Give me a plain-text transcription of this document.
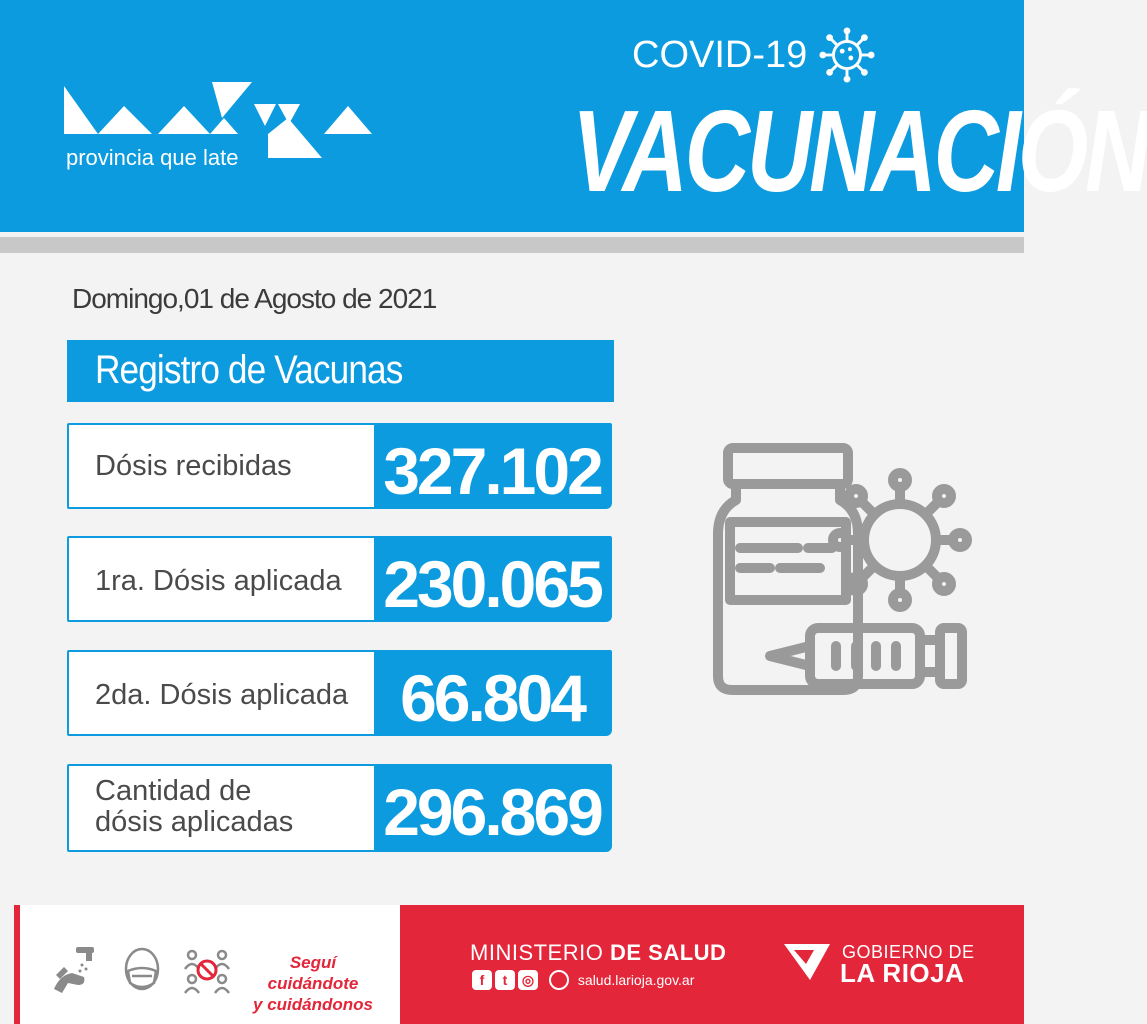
provincia que late
COVID-19
VACUNACIÓN
Domingo,01 de Agosto de 2021
Registro de Vacunas
Dósis recibidas 327.102
1ra. Dósis aplicada 230.065
2da. Dósis aplicada 66.804
Cantidad de
dósis aplicadas 296.869
Seguí cuidándote
y cuidándonos
MINISTERIO DE SALUD
f t ◎	salud.larioja.gov.ar
GOBIERNO DE
LA RIOJA
